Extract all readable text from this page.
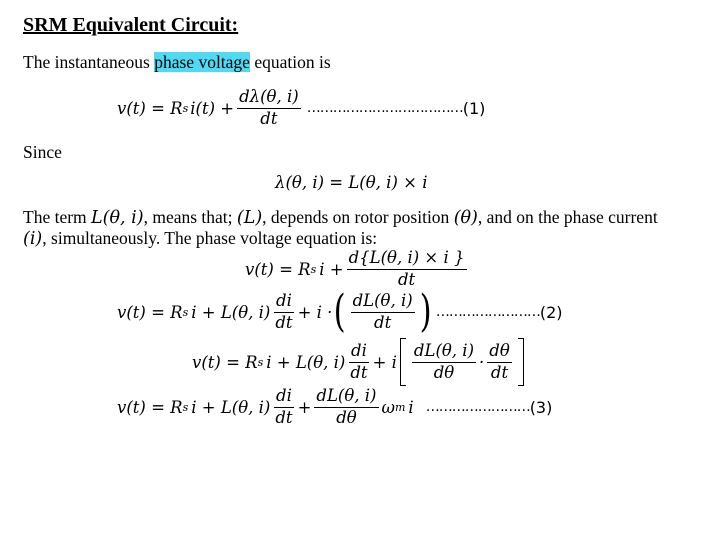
SRM Equivalent Circuit:
The instantaneous phase voltage equation is
v(t) = R s $i(t) + \frac{d\lambda(\theta, i)}{dt}$ ……………………………… (1)
Since
λ(θ, i) = L(θ, i) × i
The term L(θ, i), means that; (L), depends on rotor position (θ), and on the phase current
(i), simultaneously. The phase voltage equation is:
v(t) = R s $i + \frac{d\{L(\theta, i) \times i \}}{dt}$
v(t) = R s i + L(θ, $i) \frac{di}{dt} + i$ · ( $\frac{dL(\theta, i)}{dt}$ ) …………………… (2)
v(t) = R s i + L(θ, $i) \frac{di}{dt} + i \frac{dL(\theta, i)}{d\theta} \cdot \frac{d\theta}{dt}$
v(t) = R s i + L(θ, $i) \frac{di}{dt} + \frac{dL(\theta, i)}{d\theta}$ ω m i …………………… (3)
